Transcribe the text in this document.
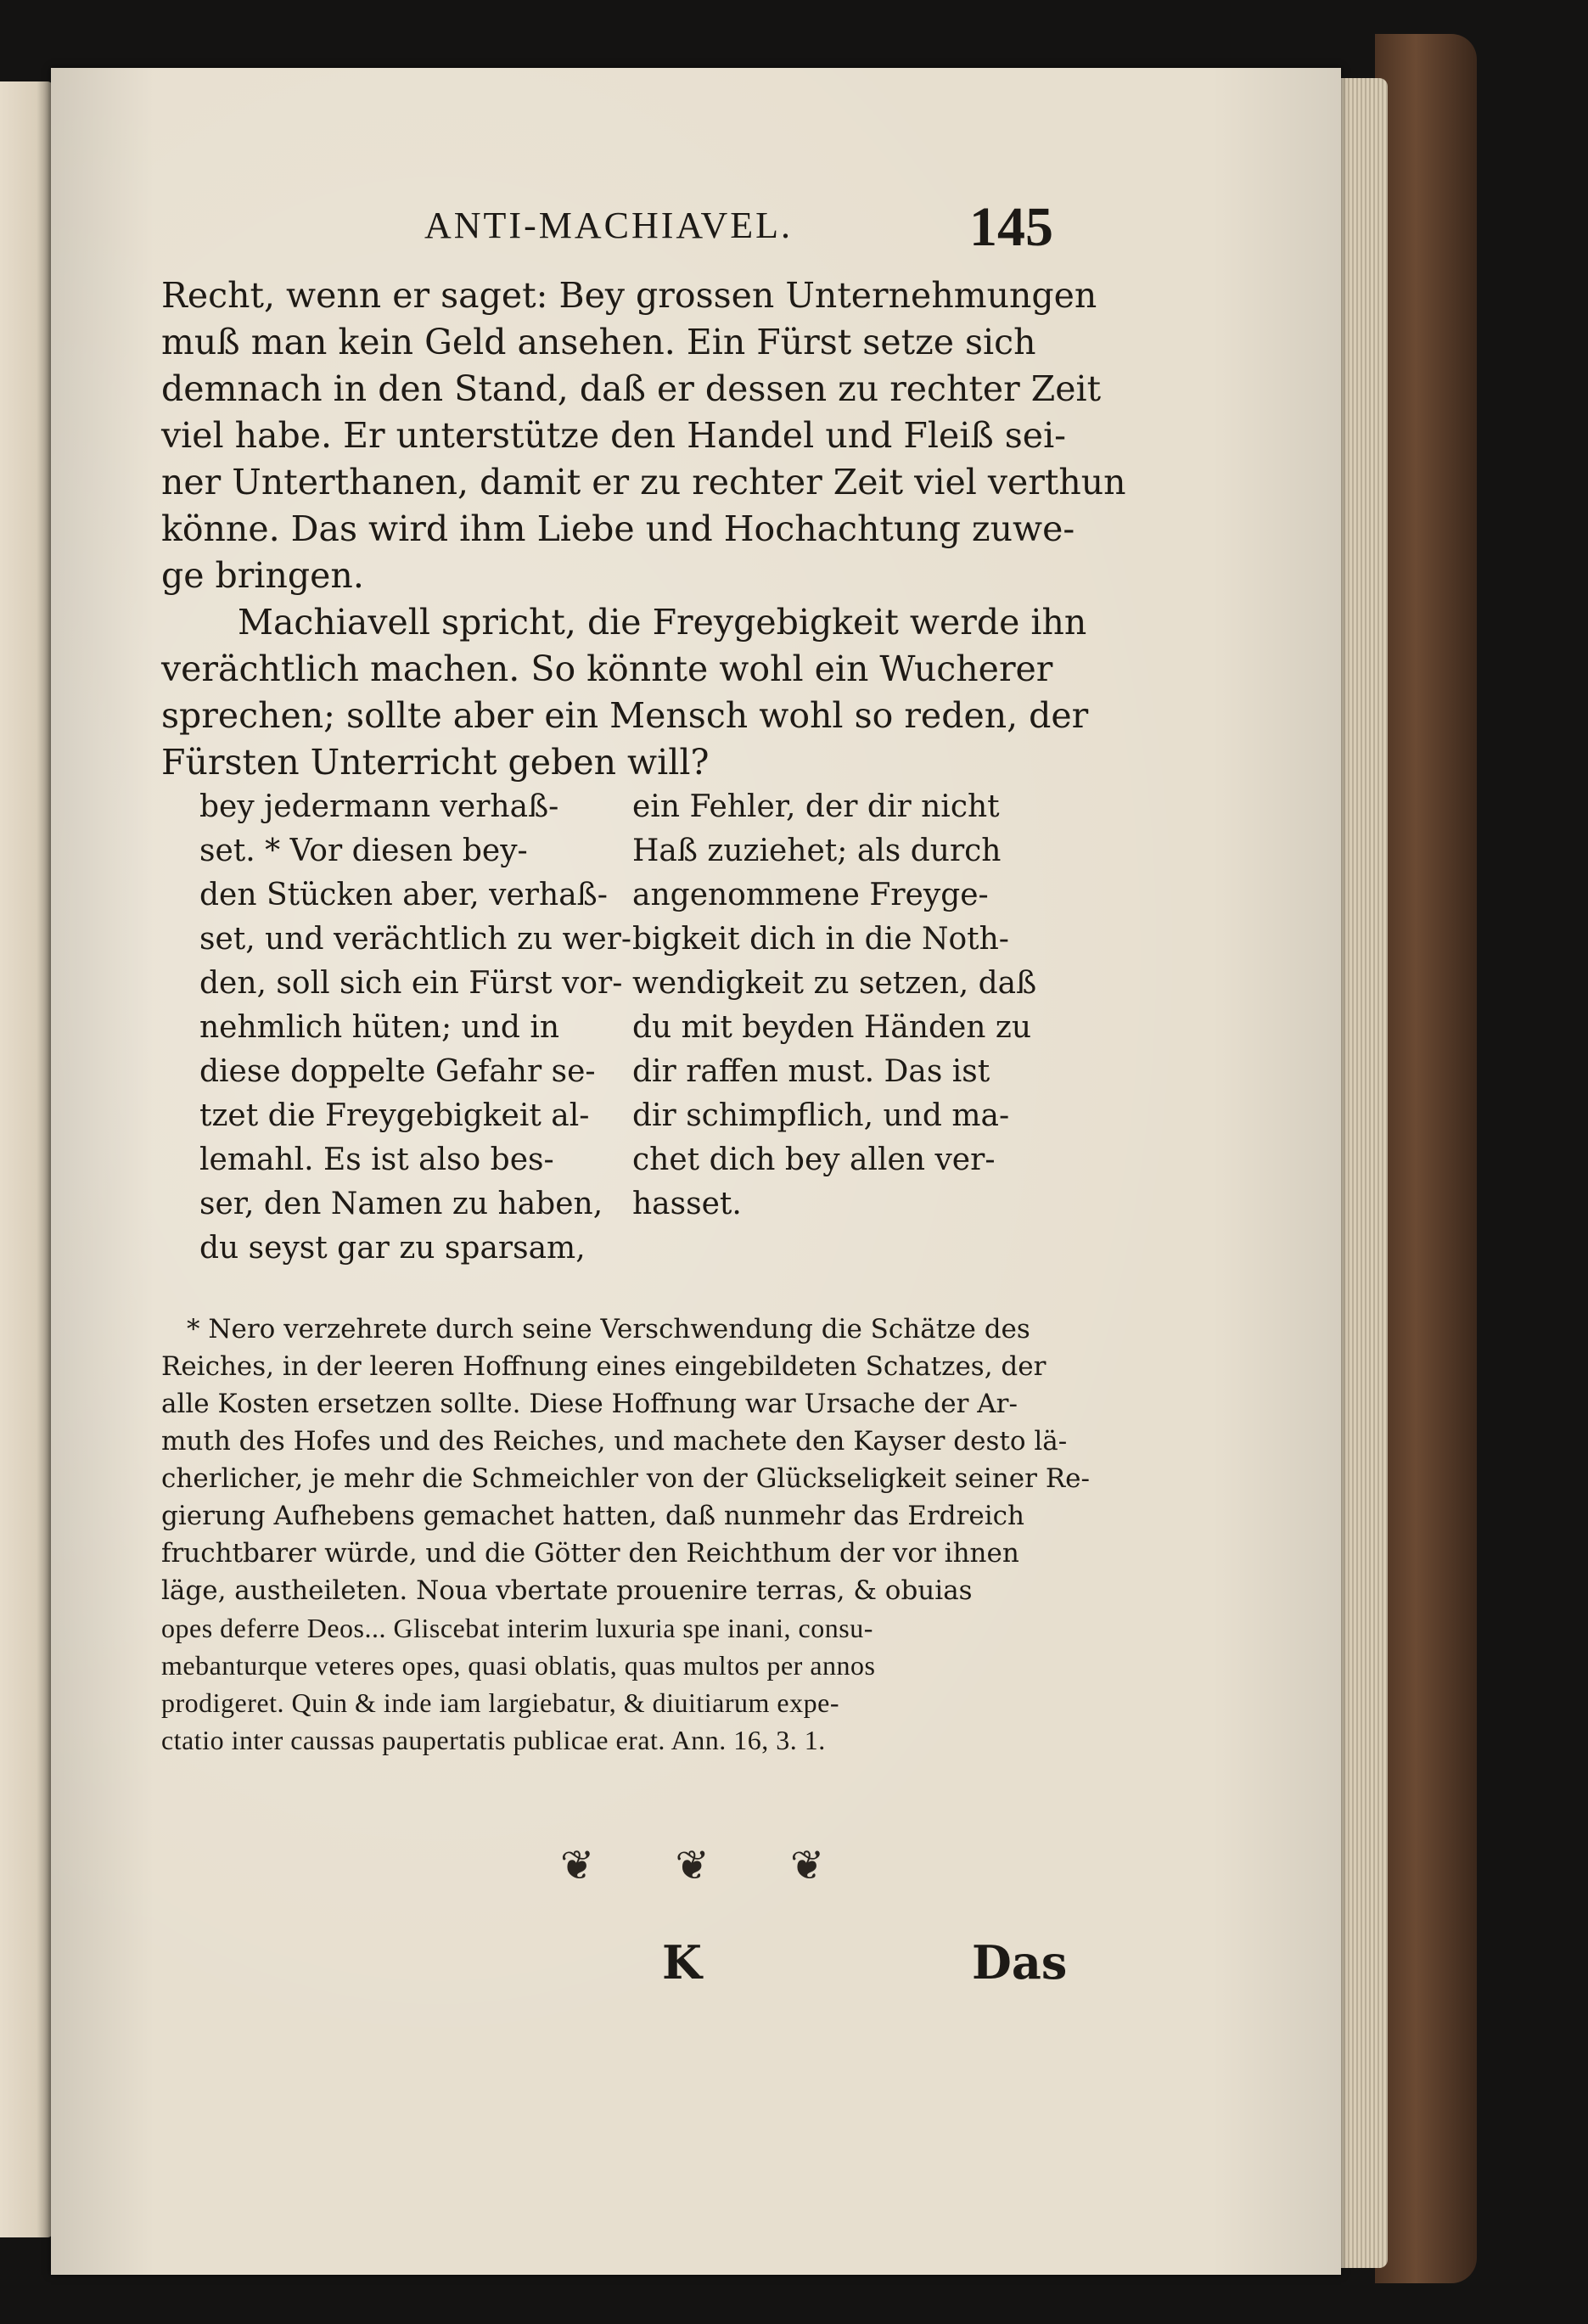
ANTI-MACHIAVEL.	145
Recht, wenn er saget: Bey grossen Unternehmungen
muß man kein Geld ansehen. Ein Fürst setze sich
demnach in den Stand, daß er dessen zu rechter Zeit
viel habe. Er unterstütze den Handel und Fleiß sei-
ner Unterthanen, damit er zu rechter Zeit viel verthun
könne. Das wird ihm Liebe und Hochachtung zuwe-
ge bringen.
Machiavell spricht, die Freygebigkeit werde ihn
verächtlich machen. So könnte wohl ein Wucherer
sprechen; sollte aber ein Mensch wohl so reden, der
Fürsten Unterricht geben will?
bey jedermann verhaß-
set. * Vor diesen bey-
den Stücken aber, verhaß-
set, und verächtlich zu wer-
den, soll sich ein Fürst vor-
nehmlich hüten; und in
diese doppelte Gefahr se-
tzet die Freygebigkeit al-
lemahl. Es ist also bes-
ser, den Namen zu haben,
du seyst gar zu sparsam,
ein Fehler, der dir nicht
Haß zuziehet; als durch
angenommene Freyge-
bigkeit dich in die Noth-
wendigkeit zu setzen, daß
du mit beyden Händen zu
dir raffen must. Das ist
dir schimpflich, und ma-
chet dich bey allen ver-
hasset.
* Nero verzehrete durch seine Verschwendung die Schätze des
Reiches, in der leeren Hoffnung eines eingebildeten Schatzes, der
alle Kosten ersetzen sollte. Diese Hoffnung war Ursache der Ar-
muth des Hofes und des Reiches, und machete den Kayser desto lä-
cherlicher, je mehr die Schmeichler von der Glückseligkeit seiner Re-
gierung Aufhebens gemachet hatten, daß nunmehr das Erdreich
fruchtbarer würde, und die Götter den Reichthum der vor ihnen
läge, austheileten. Noua vbertate prouenire terras, & obuias
opes deferre Deos... Gliscebat interim luxuria spe inani, consu-
mebanturque veteres opes, quasi oblatis, quas multos per annos
prodigeret. Quin & inde iam largiebatur, & diuitiarum expe-
ctatio inter caussas paupertatis publicae erat. Ann. 16, 3. 1.
❦ ❦ ❦
K	Das
